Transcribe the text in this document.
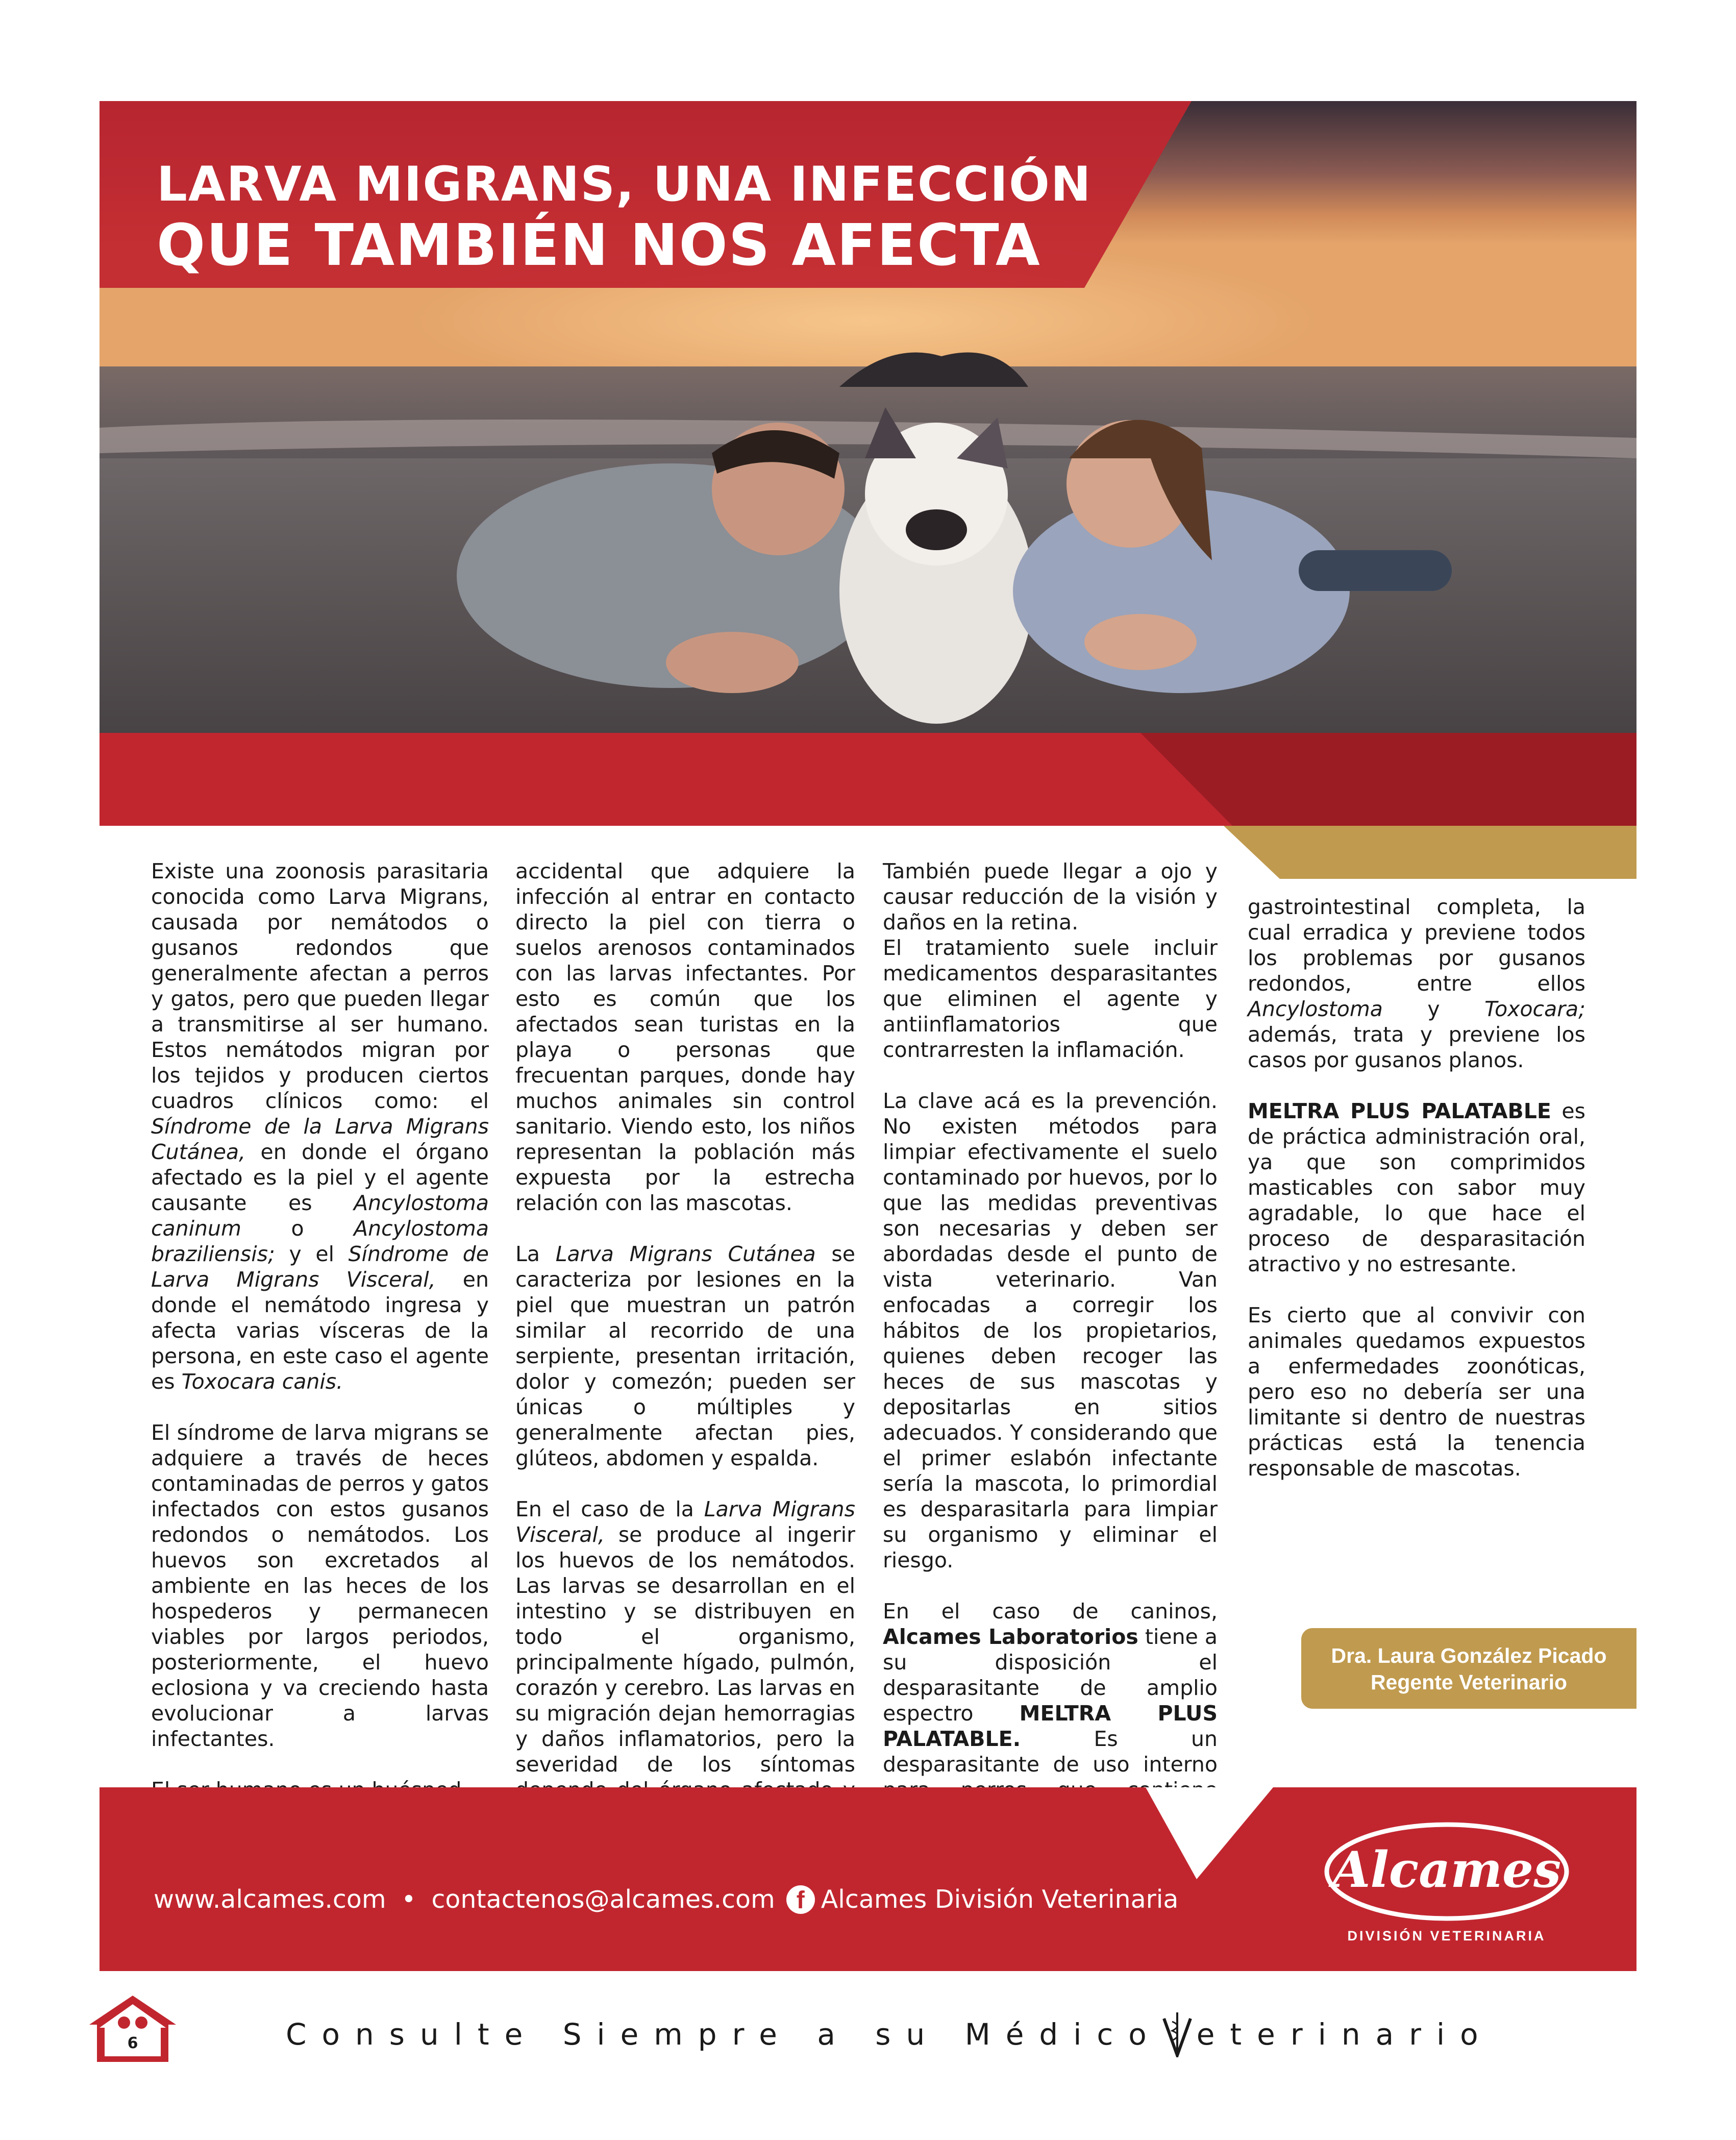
LARVA MIGRANS, UNA INFECCIÓN
QUE TAMBIÉN NOS AFECTA

Existe una zoonosis parasitaria conocida como Larva Migrans, causada por nemátodos o gusanos redondos que generalmente afectan a perros y gatos, pero que pueden llegar a transmitirse al ser humano. Estos nemátodos migran por los tejidos y producen ciertos cuadros clínicos como: el Síndrome de la Larva Migrans Cutánea, en donde el órgano afectado es la piel y el agente causante es Ancylostoma caninum o Ancylostoma braziliensis; y el Síndrome de Larva Migrans Visceral, en donde el nemátodo ingresa y afecta varias vísceras de la persona, en este caso el agente es Toxocara canis.

El síndrome de larva migrans se adquiere a través de heces contaminadas de perros y gatos infectados con estos gusanos redondos o nemátodos. Los huevos son excretados al ambiente en las heces de los hospederos y permanecen viables por largos periodos, posteriormente, el huevo eclosiona y va creciendo hasta evolucionar a larvas infectantes.

accidental que adquiere la infección al entrar en contacto directo la piel con tierra o suelos arenosos contaminados con las larvas infectantes. Por esto es común que los afectados sean turistas en la playa o personas que frecuentan parques, donde hay muchos animales sin control sanitario. Viendo esto, los niños representan la población más expuesta por la estrecha relación con las mascotas.

La Larva Migrans Cutánea se caracteriza por lesiones en la piel que muestran un patrón similar al recorrido de una serpiente, presentan irritación, dolor y comezón; pueden ser únicas o múltiples y generalmente afectan pies, glúteos, abdomen y espalda.

En el caso de la Larva Migrans Visceral, se produce al ingerir los huevos de los nemátodos. Las larvas se desarrollan en el intestino y se distribuyen en todo el organismo, principalmente hígado, pulmón, corazón y cerebro. Las larvas en su migración dejan hemorragias y daños inflamatorios, pero la severidad de los síntomas

También puede llegar a ojo y causar reducción de la visión y daños en la retina.
El tratamiento suele incluir medicamentos desparasitantes que eliminen el agente y antiinflamatorios que contrarresten la inflamación.

La clave acá es la prevención. No existen métodos para limpiar efectivamente el suelo contaminado por huevos, por lo que las medidas preventivas son necesarias y deben ser abordadas desde el punto de vista veterinario. Van enfocadas a corregir los hábitos de los propietarios, quienes deben recoger las heces de sus mascotas y depositarlas en sitios adecuados. Y considerando que el primer eslabón infectante sería la mascota, lo primordial es desparasitarla para limpiar su organismo y eliminar el riesgo.

En el caso de caninos, Alcames Laboratorios tiene a su disposición el desparasitante de amplio espectro MELTRA PLUS PALATABLE.	Es un desparasitante de uso interno

gastrointestinal completa, la cual erradica y previene todos los problemas por gusanos redondos, entre ellos Ancylostoma y Toxocara; además, trata y previene los casos por gusanos planos.

MELTRA PLUS PALATABLE es de práctica administración oral, ya que son comprimidos masticables con sabor muy agradable, lo que hace el proceso de desparasitación atractivo y no estresante.

Es cierto que al convivir con animales quedamos expuestos a enfermedades zoonóticas, pero eso no debería ser una limitante si dentro de nuestras prácticas está la tenencia responsable de mascotas.

Dra. Laura González Picado
Regente Veterinario
www.alcames.com • contactenos@alcames.com f Alcames División Veterinaria
Alcames
DIVISIÓN VETERINARIA
6	Consulte Siempre a su Médico eterinario
